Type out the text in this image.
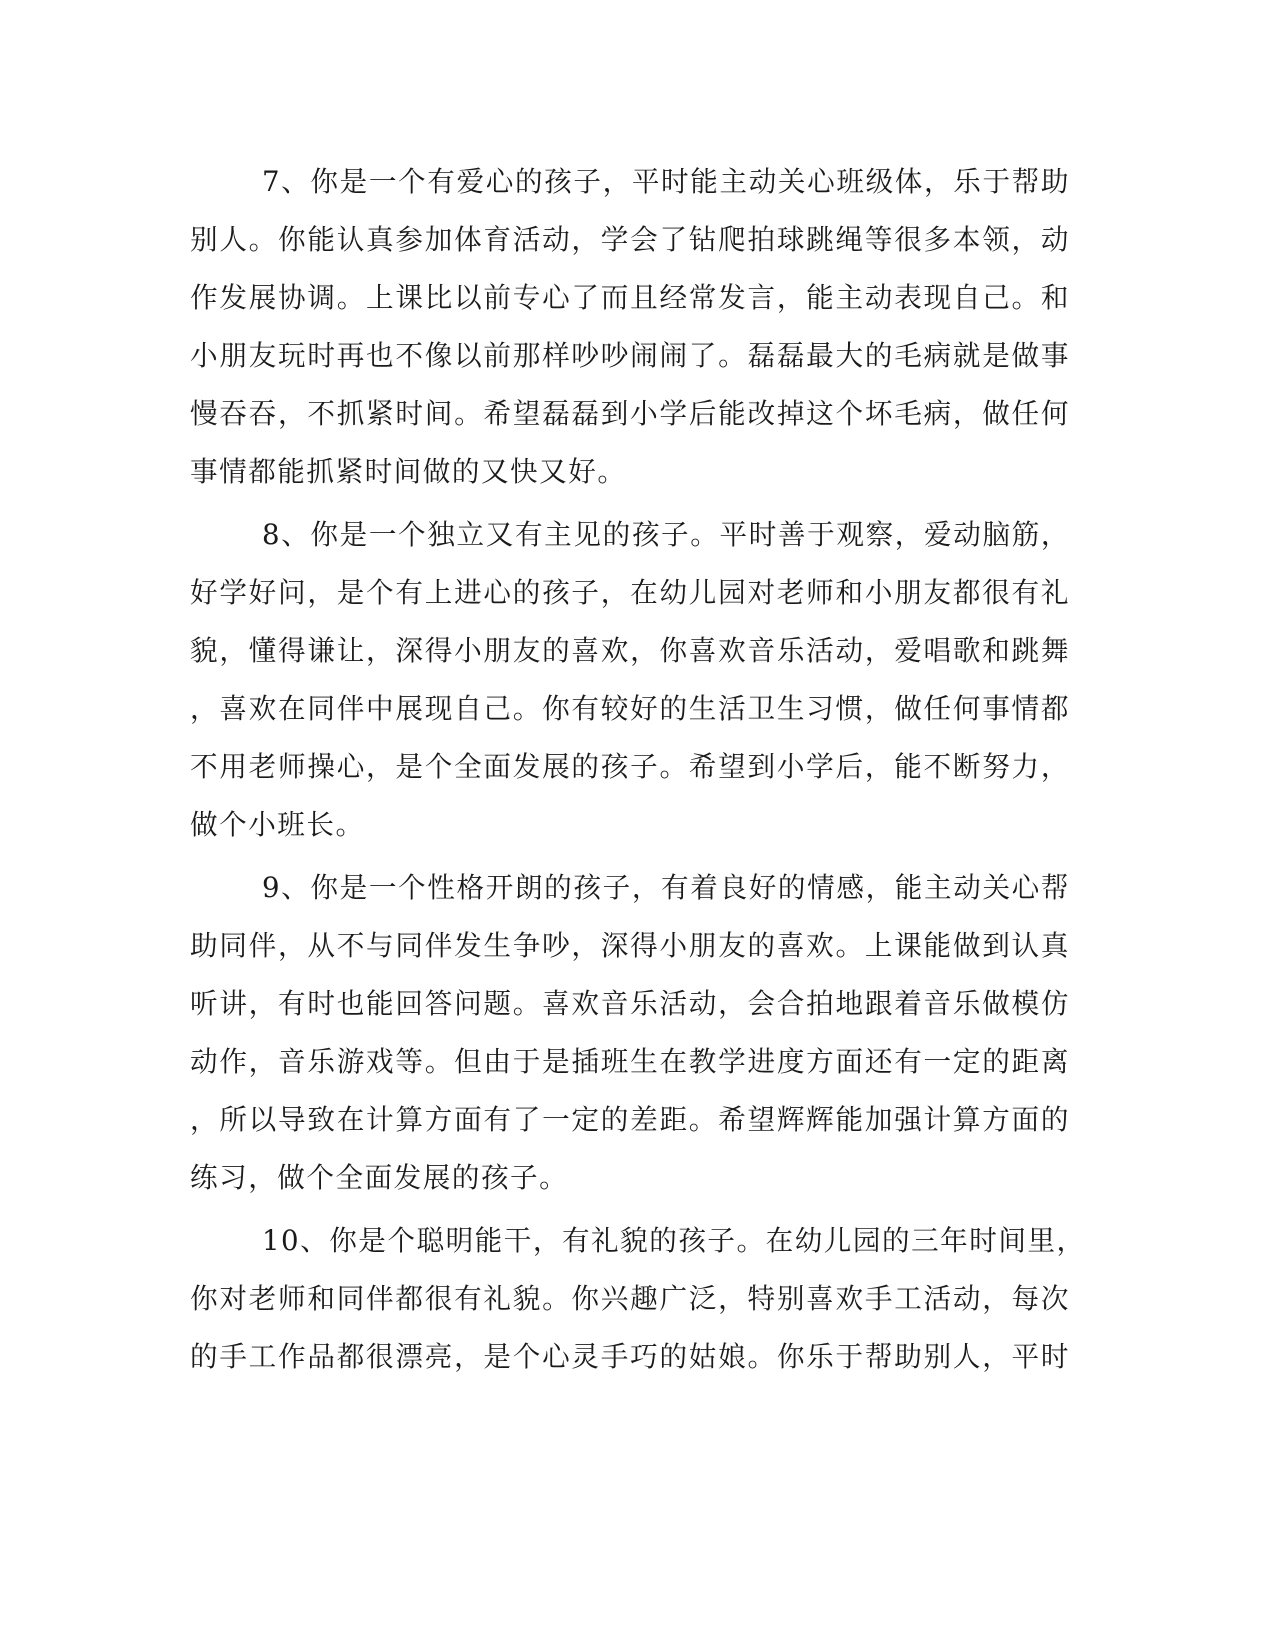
7、你是一个有爱心的孩子，平时能主动关心班级体，乐于帮助
别人。你能认真参加体育活动，学会了钻爬拍球跳绳等很多本领，动
作发展协调。上课比以前专心了而且经常发言，能主动表现自己。和
小朋友玩时再也不像以前那样吵吵闹闹了。磊磊最大的毛病就是做事
慢吞吞，不抓紧时间。希望磊磊到小学后能改掉这个坏毛病，做任何
事情都能抓紧时间做的又快又好。
8、你是一个独立又有主见的孩子。平时善于观察，爱动脑筋，
好学好问，是个有上进心的孩子，在幼儿园对老师和小朋友都很有礼
貌，懂得谦让，深得小朋友的喜欢，你喜欢音乐活动，爱唱歌和跳舞
，喜欢在同伴中展现自己。你有较好的生活卫生习惯，做任何事情都
不用老师操心，是个全面发展的孩子。希望到小学后，能不断努力，
做个小班长。
9、你是一个性格开朗的孩子，有着良好的情感，能主动关心帮
助同伴，从不与同伴发生争吵，深得小朋友的喜欢。上课能做到认真
听讲，有时也能回答问题。喜欢音乐活动，会合拍地跟着音乐做模仿
动作，音乐游戏等。但由于是插班生在教学进度方面还有一定的距离
，所以导致在计算方面有了一定的差距。希望辉辉能加强计算方面的
练习，做个全面发展的孩子。
10、你是个聪明能干，有礼貌的孩子。在幼儿园的三年时间里，
你对老师和同伴都很有礼貌。你兴趣广泛，特别喜欢手工活动，每次
的手工作品都很漂亮，是个心灵手巧的姑娘。你乐于帮助别人，平时
